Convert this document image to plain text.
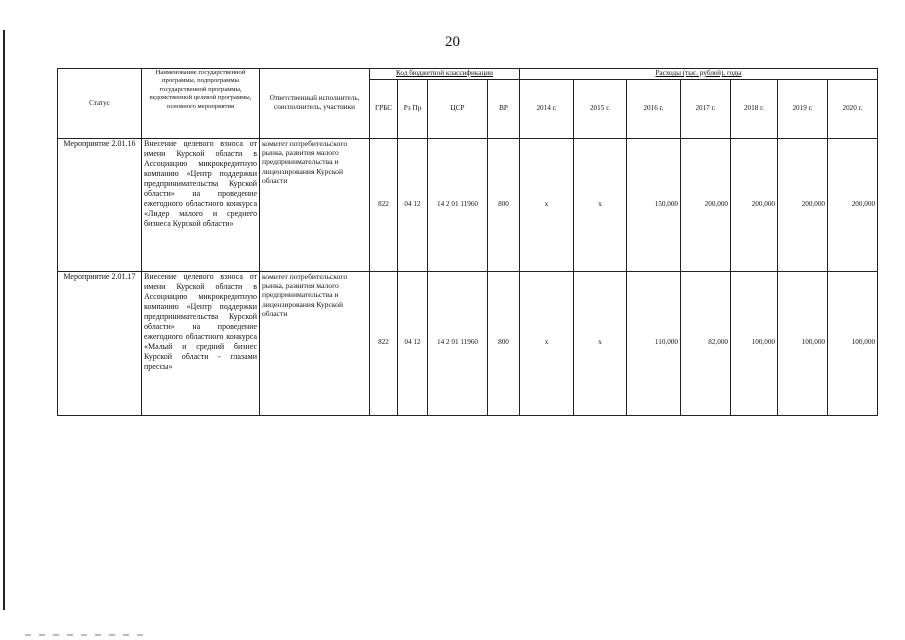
20
Статус	Наименование государственной программы, подпрограммы государственной программы, ведомственной целевой программы, основного мероприятия	Ответственный исполнитель, соисполнитель, участники	Код бюджетной классификации				Расходы (тыс. рублей), годы						
			ГРБС	Рз Пр	ЦСР	ВР	2014 г.	2015 г.	2016 г.	2017 г.	2018 г.	2019 г.	2020 г.
Мероприятие 2.01.16	Внесение целевого взноса от имени Курской области в Ассоциацию микрокредитную компанию «Центр поддержки предпринимательства Курской области» на проведение ежегодного областного конкурса «Лидер малого и среднего бизнеса Курской области»	комитет потребительского рынка, развития малого предпринимательства и лицензирования Курской области	822	04 12	14 2 01 11960	800	x	x	150,000	200,000	200,000	200,000	200,000
Мероприятие 2.01.17	Внесение целевого взноса от имени Курской области в Ассоциацию микрокредитную компанию «Центр поддержки предпринимательства Курской области» на проведение ежегодного областного конкурса «Малый и средний бизнес Курской области - глазами прессы»	комитет потребительского рынка, развития малого предпринимательства и лицензирования Курской области	822	04 12	14 2 01 11960	800	x	x	110,000	82,000	100,000	100,000	100,000
